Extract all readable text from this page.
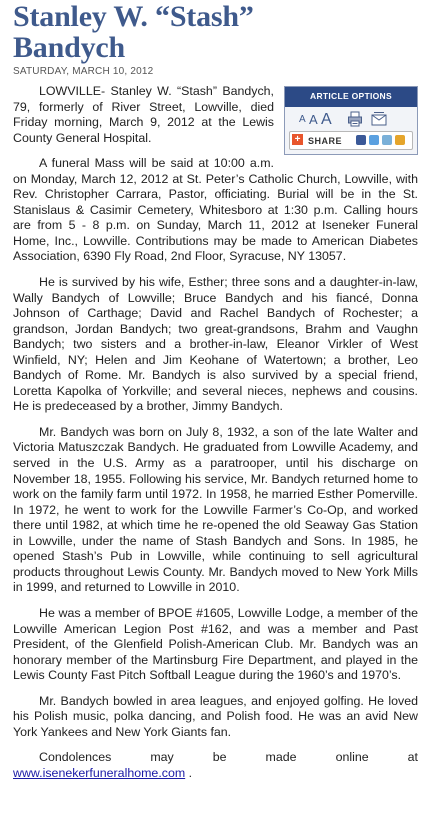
Stanley W. “Stash”
Bandych
SATURDAY, MARCH 10, 2012
ARTICLE OPTIONS
A A A
+ SHARE

LOWVILLE- Stanley W. “Stash” Bandych, 79, formerly of River Street, Lowville, died Friday morning, March 9, 2012 at the Lewis County General Hospital.

A funeral Mass will be said at 10:00 a.m. on Monday, March 12, 2012 at St. Peter’s Catholic Church, Lowville, with Rev. Christopher Carrara, Pastor, officiating. Burial will be in the St. Stanislaus & Casimir Cemetery, Whitesboro at 1:30 p.m. Calling hours are from 5 - 8 p.m. on Sunday, March 11, 2012 at Iseneker Funeral Home, Inc., Lowville. Contributions may be made to American Diabetes Association, 6390 Fly Road, 2nd Floor, Syracuse, NY 13057.

He is survived by his wife, Esther; three sons and a daughter-in-law, Wally Bandych of Lowville; Bruce Bandych and his fiancé, Donna Johnson of Carthage; David and Rachel Bandych of Rochester; a grandson, Jordan Bandych; two great-grandsons, Brahm and Vaughn Bandych; two sisters and a brother-in-law, Eleanor Virkler of West Winfield, NY; Helen and Jim Keohane of Watertown; a brother, Leo Bandych of Rome. Mr. Bandych is also survived by a special friend, Loretta Kapolka of Yorkville; and several nieces, nephews and cousins. He is predeceased by a brother, Jimmy Bandych.

Mr. Bandych was born on July 8, 1932, a son of the late Walter and Victoria Matuszczak Bandych. He graduated from Lowville Academy, and served in the U.S. Army as a paratrooper, until his discharge on November 18, 1955. Following his service, Mr. Bandych returned home to work on the family farm until 1972. In 1958, he married Esther Pomerville. In 1972, he went to work for the Lowville Farmer’s Co-Op, and worked there until 1982, at which time he re-opened the old Seaway Gas Station in Lowville, under the name of Stash Bandych and Sons. In 1985, he opened Stash’s Pub in Lowville, while continuing to sell agricultural products throughout Lewis County. Mr. Bandych moved to New York Mills in 1999, and returned to Lowville in 2010.

He was a member of BPOE #1605, Lowville Lodge, a member of the Lowville American Legion Post #162, and was a member and Past President, of the Glenfield Polish-American Club. Mr. Bandych was an honorary member of the Martinsburg Fire Department, and played in the Lewis County Fast Pitch Softball League during the 1960’s and 1970’s.

Mr. Bandych bowled in area leagues, and enjoyed golfing. He loved his Polish music, polka dancing, and Polish food. He was an avid New York Yankees and New York Giants fan.

Condolences may be made online at

www.isenekerfuneralhome.com .
